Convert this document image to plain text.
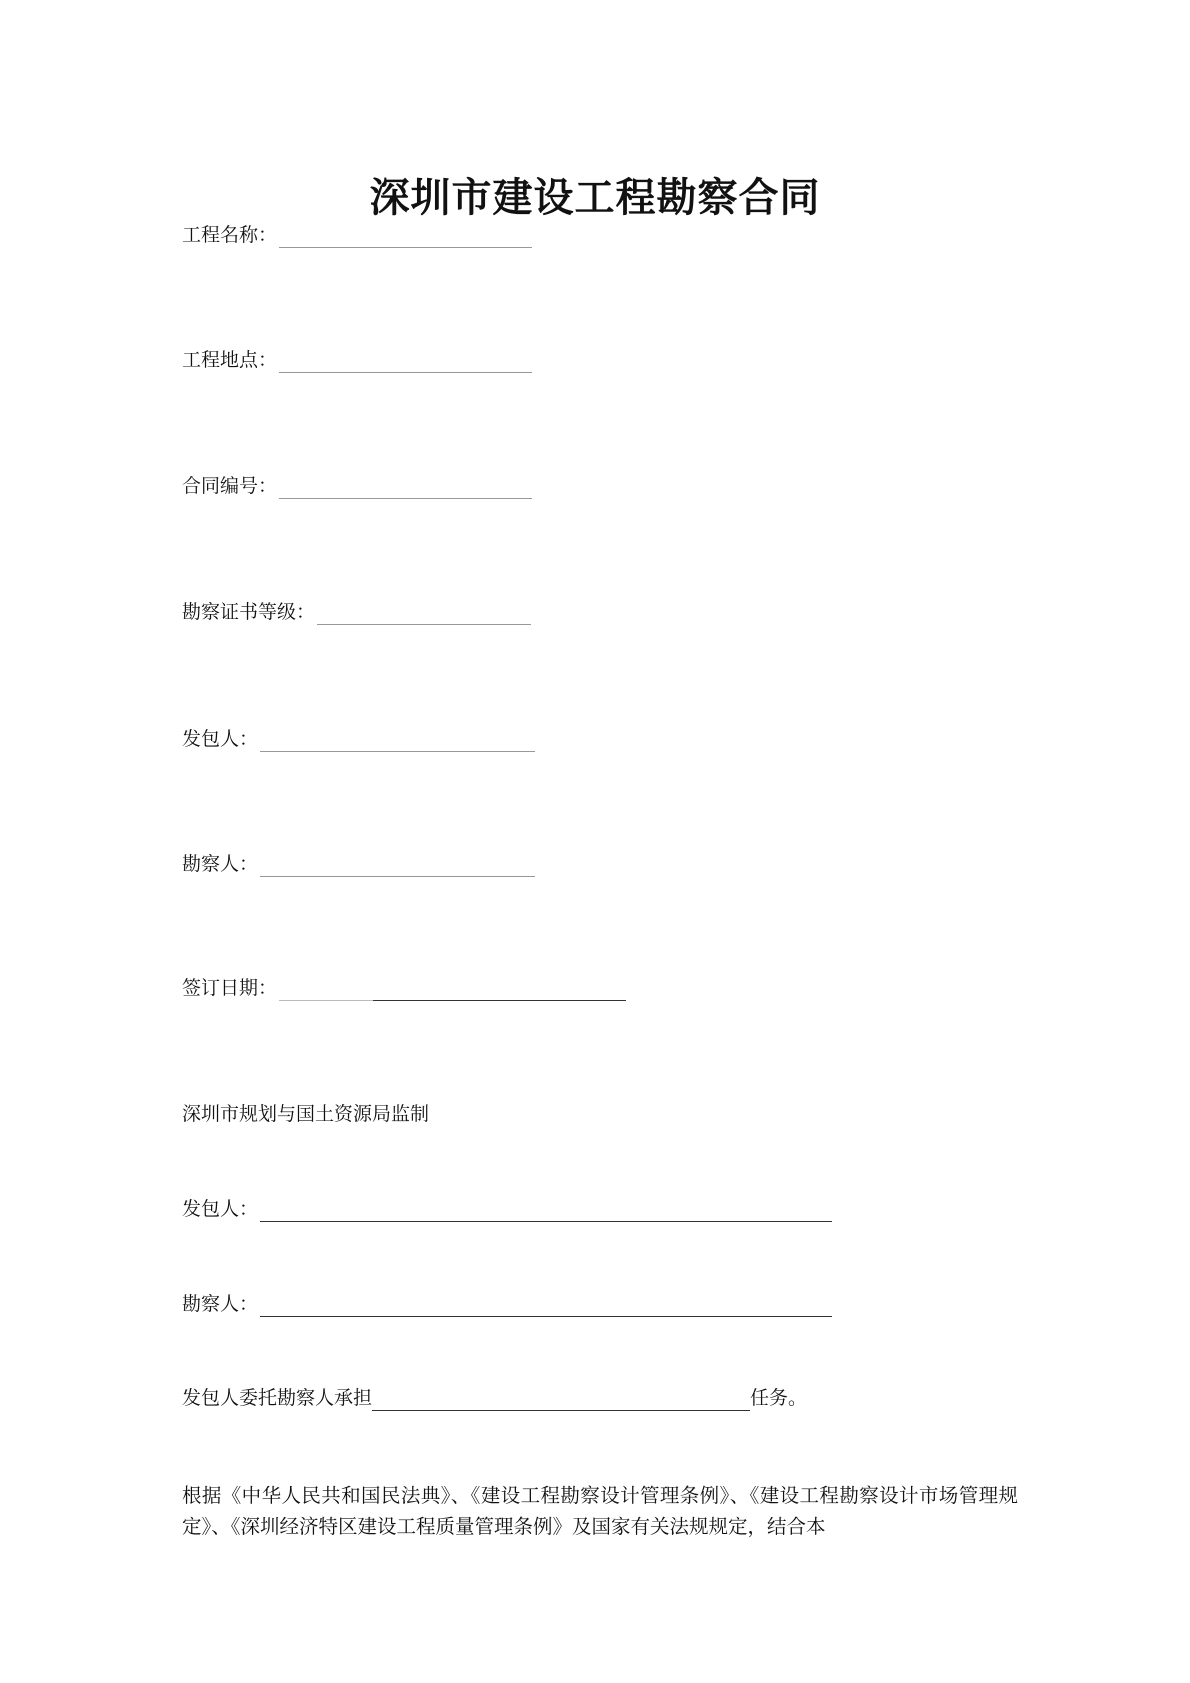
深圳市建设工程勘察合同
工程名称：
工程地点：
合同编号：
勘察证书等级：
发包人：
勘察人：
签订日期：
深圳市规划与国土资源局监制
发包人：
勘察人：
发包人委托勘察人承担	任务。
根据《中华人民共和国民法典》、《建设工程勘察设计管理条例》、《建设工程勘察设计市场管理规定》、《深圳经济特区建设工程质量管理条例》及国家有关法规规定，结合本
